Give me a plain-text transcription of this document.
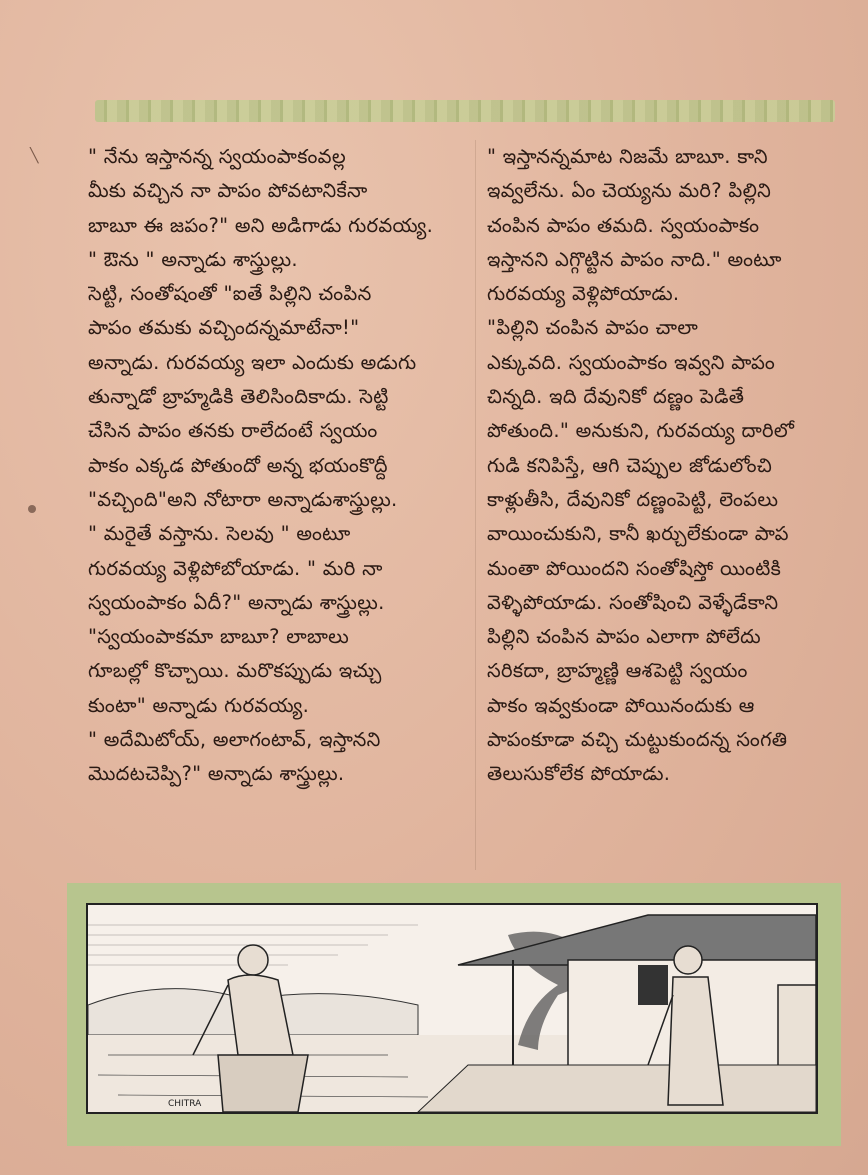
╲	" నేను ఇస్తానన్న స్వయంపాకంవల్ల
మీకు వచ్చిన నా పాపం పోవటానికేనా
బాబూ ఈ జపం?" అని అడిగాడు గురవయ్య.
" ఔను " అన్నాడు శాస్త్రుల్లు.
సెట్టి, సంతోషంతో "ఐతే పిల్లిని చంపిన
పాపం తమకు వచ్చిందన్నమాటేనా!"
అన్నాడు. గురవయ్య ఇలా ఎందుకు అడుగు
తున్నాడో బ్రాహ్మడికి తెలిసిందికాదు. సెట్టి
చేసిన పాపం తనకు రాలేదంటే స్వయం
పాకం ఎక్కడ పోతుందో అన్న భయంకొద్దీ
"వచ్చింది"అని నోటారా అన్నాడుశాస్త్రుల్లు.
" మరైతే వస్తాను. సెలవు " అంటూ
గురవయ్య వెళ్లిపోబోయాడు. " మరి నా
స్వయంపాకం ఏదీ?" అన్నాడు శాస్త్రుల్లు.
"స్వయంపాకమా బాబూ? లాబాలు
గూబల్లో కొచ్చాయి. మరొకప్పుడు ఇచ్చు
కుంటా" అన్నాడు గురవయ్య.
" అదేమిటోయ్, అలాగంటావ్, ఇస్తానని
మొదటచెప్పి?" అన్నాడు శాస్త్రుల్లు.
" ఇస్తానన్నమాట నిజమే బాబూ. కాని
ఇవ్వలేను. ఏం చెయ్యను మరి? పిల్లిని
చంపిన పాపం తమది. స్వయంపాకం
ఇస్తానని ఎగ్గొట్టిన పాపం నాది." అంటూ
గురవయ్య వెళ్లిపోయాడు.
"పిల్లిని చంపిన పాపం చాలా
ఎక్కువది. స్వయంపాకం ఇవ్వని పాపం
చిన్నది. ఇది దేవునికో దణ్ణం పెడితే
పోతుంది." అనుకుని, గురవయ్య దారిలో
గుడి కనిపిస్తే, ఆగి చెప్పుల జోడులోంచి
కాళ్లుతీసి, దేవునికో దణ్ణంపెట్టి, లెంపలు
వాయించుకుని, కానీ ఖర్చులేకుండా పాప
మంతా పోయిందని సంతోషిస్తో యింటికి
వెళ్ళిపోయాడు. సంతోషించి వెళ్ళేడేకాని
పిల్లిని చంపిన పాపం ఎలాగా పోలేదు
సరికదా, బ్రాహ్మణ్ణి ఆశపెట్టి స్వయం
పాకం ఇవ్వకుండా పోయినందుకు ఆ
పాపంకూడా వచ్చి చుట్టుకుందన్న సంగతి
తెలుసుకోలేక పోయాడు.
CHITRA
